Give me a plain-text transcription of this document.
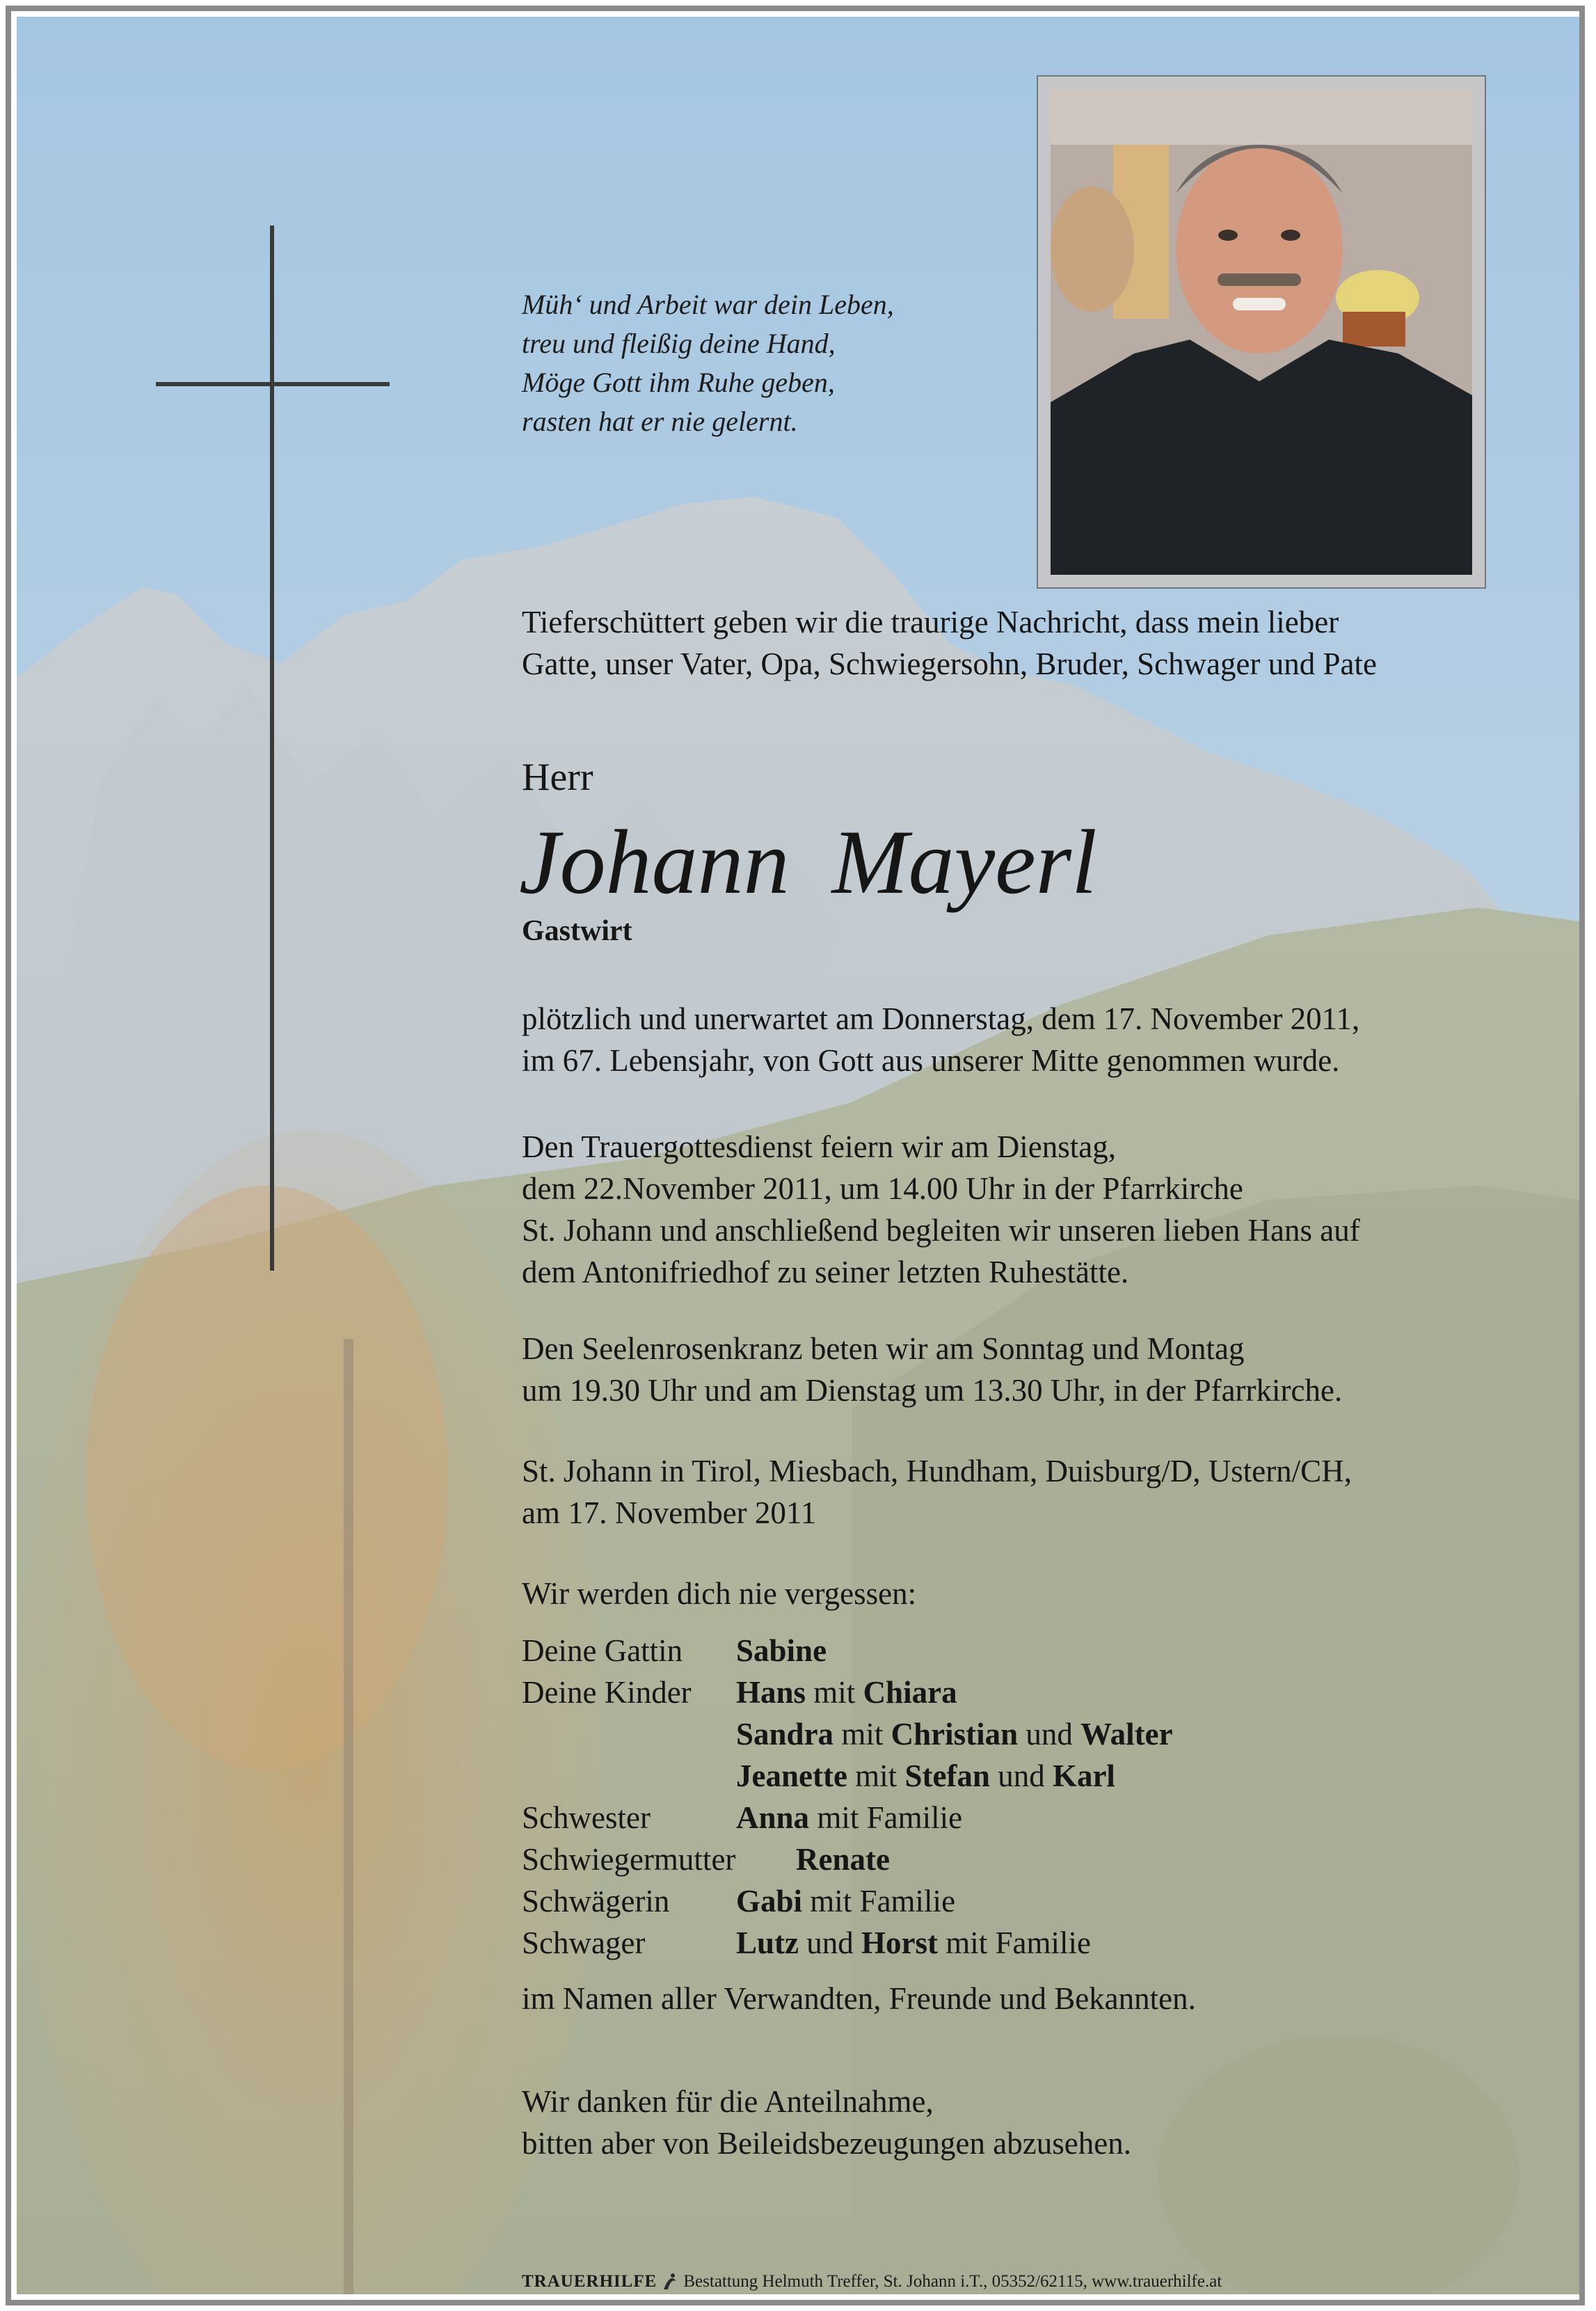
Müh‘ und Arbeit war dein Leben,
treu und fleißig deine Hand,
Möge Gott ihm Ruhe geben,
rasten hat er nie gelernt.
Tieferschüttert geben wir die traurige Nachricht, dass mein lieber
Gatte, unser Vater, Opa, Schwiegersohn, Bruder, Schwager und Pate
Herr
Johann Mayerl
Gastwirt
plötzlich und unerwartet am Donnerstag, dem 17. November 2011,
im 67. Lebensjahr, von Gott aus unserer Mitte genommen wurde.
Den Trauergottesdienst feiern wir am Dienstag,
dem 22.November 2011, um 14.00 Uhr in der Pfarrkirche
St. Johann und anschließend begleiten wir unseren lieben Hans auf
dem Antonifriedhof zu seiner letzten Ruhestätte.
Den Seelenrosenkranz beten wir am Sonntag und Montag
um 19.30 Uhr und am Dienstag um 13.30 Uhr, in der Pfarrkirche.
St. Johann in Tirol, Miesbach, Hundham, Duisburg/D, Ustern/CH,
am 17. November 2011
Wir werden dich nie vergessen:
Deine Gattin Sabine
Deine Kinder Hans mit Chiara
Sandra mit Christian und Walter
Jeanette mit Stefan und Karl
Schwester	Anna mit Familie
Schwiegermutter Renate
Schwägerin Gabi mit Familie
Schwager	Lutz und Horst mit Familie
im Namen aller Verwandten, Freunde und Bekannten.
Wir danken für die Anteilnahme,
bitten aber von Beileidsbezeugungen abzusehen.
TRAUERHILFE Bestattung Helmuth Treffer, St. Johann i.T., 05352/62115, www.trauerhilfe.at
